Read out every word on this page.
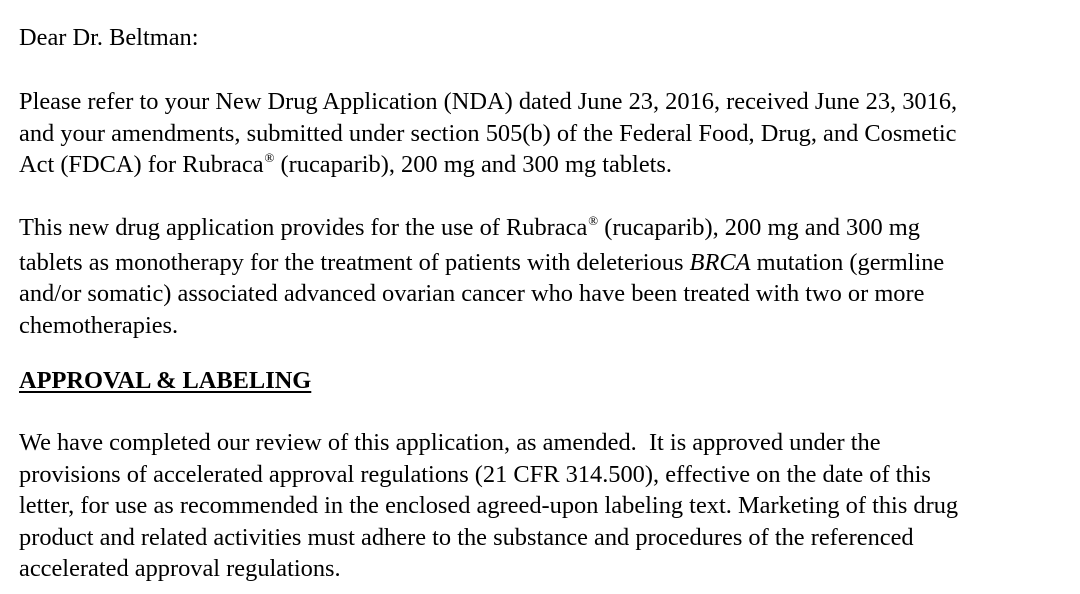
Dear Dr. Beltman:

Please refer to your New Drug Application (NDA) dated June 23, 2016, received June 23, 3016,
and your amendments, submitted under section 505(b) of the Federal Food, Drug, and Cosmetic
Act (FDCA) for Rubraca® (rucaparib), 200 mg and 300 mg tablets.

This new drug application provides for the use of Rubraca® (rucaparib), 200 mg and 300 mg
tablets as monotherapy for the treatment of patients with deleterious BRCA mutation (germline
and/or somatic) associated advanced ovarian cancer who have been treated with two or more
chemotherapies.

APPROVAL & LABELING

We have completed our review of this application, as amended.  It is approved under the
provisions of accelerated approval regulations (21 CFR 314.500), effective on the date of this
letter, for use as recommended in the enclosed agreed-upon labeling text. Marketing of this drug
product and related activities must adhere to the substance and procedures of the referenced
accelerated approval regulations.
